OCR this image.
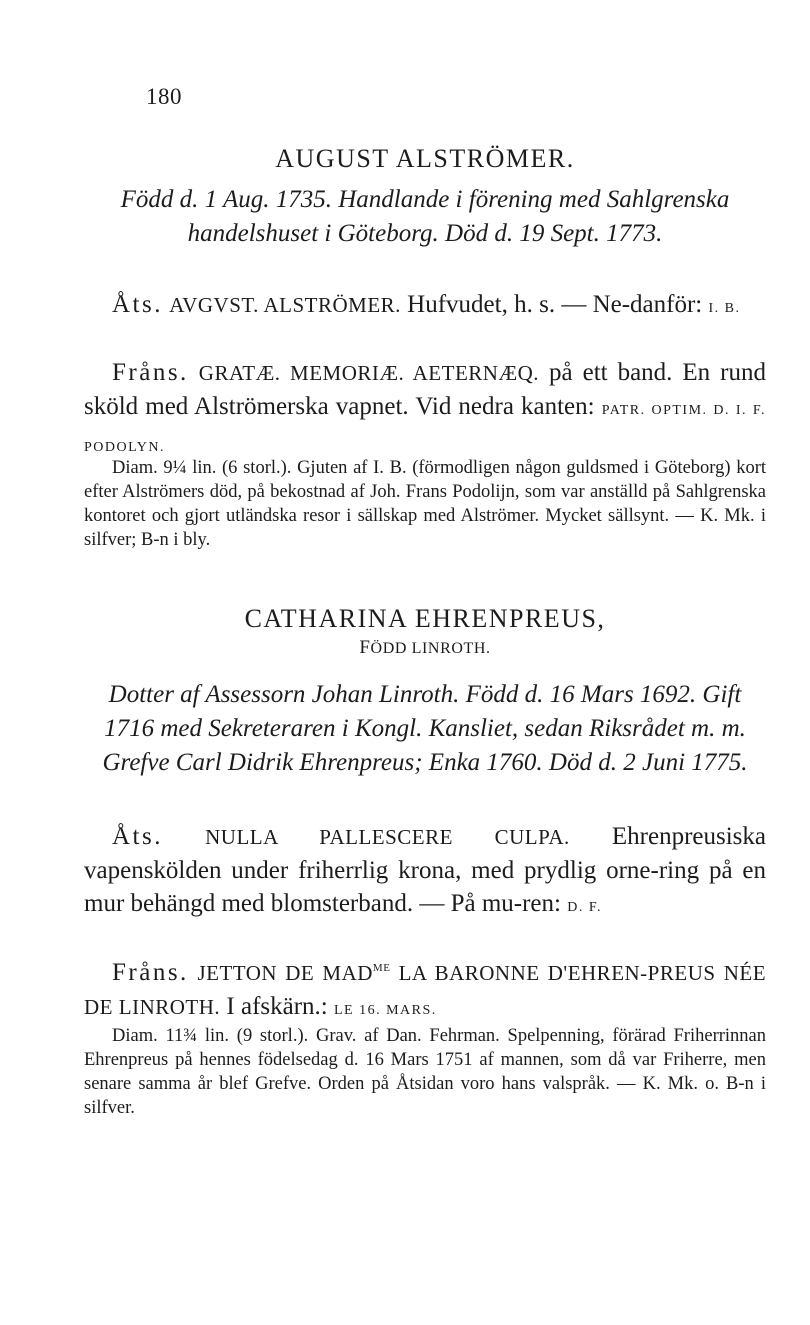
180
AUGUST ALSTRÖMER.
Född d. 1 Aug. 1735. Handlande i förening med Sahlgrenska handelshuset i Göteborg. Död d. 19 Sept. 1773.
Åts. AVGVST. ALSTRÖMER. Hufvudet, h. s. — Ne-danför: I. B.
Fråns. GRATÆ. MEMORIÆ. AETERNÆQ. på ett band. En rund sköld med Alströmerska vapnet. Vid nedra kanten: PATR. OPTIM. D. I. F. PODOLYN.
Diam. 9¼ lin. (6 storl.). Gjuten af I. B. (förmodligen någon guldsmed i Göteborg) kort efter Alströmers död, på bekostnad af Joh. Frans Podolijn, som var anställd på Sahlgrenska kontoret och gjort utländska resor i sällskap med Alströmer. Mycket sällsynt. — K. Mk. i silfver; B-n i bly.
CATHARINA EHRENPREUS,
FÖDD LINROTH.
Dotter af Assessorn Johan Linroth. Född d. 16 Mars 1692. Gift 1716 med Sekreteraren i Kongl. Kansliet, sedan Riksrådet m. m. Grefve Carl Didrik Ehrenpreus; Enka 1760. Död d. 2 Juni 1775.
Åts. NULLA PALLESCERE CULPA. Ehrenpreusiska vapenskölden under friherrlig krona, med prydlig orne-ring på en mur behängd med blomsterband. — På mu-ren: D. F.
Fråns. JETTON DE $MAD^{ME}$ LA BARONNE D'EHREN-PREUS NÉE DE LINROTH. I afskärn.: LE 16. MARS.
Diam. 11¾ lin. (9 storl.). Grav. af Dan. Fehrman. Spelpenning, förärad Friherrinnan Ehrenpreus på hennes födelsedag d. 16 Mars 1751 af mannen, som då var Friherre, men senare samma år blef Grefve. Orden på Åtsidan voro hans valspråk. — K. Mk. o. B-n i silfver.
